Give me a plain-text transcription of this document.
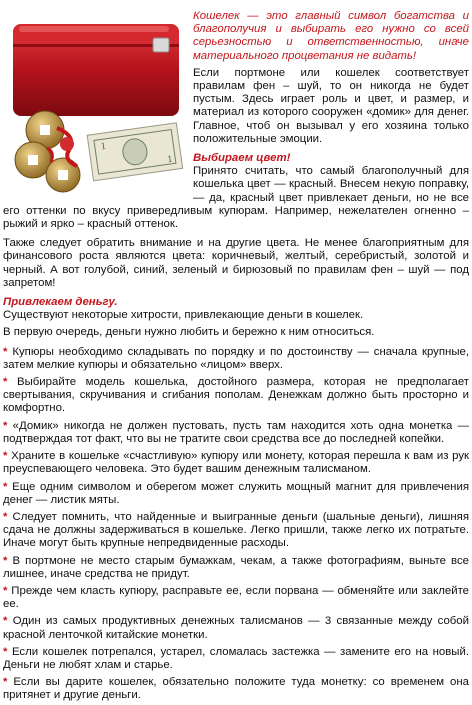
1
1
Кошелек — это главный символ богатства и благополучия и выбирать его нужно со всей серьезностью и ответственностью, иначе материального процветания не видать!

Если портмоне или кошелек соответствует правилам фен – шуй, то он никогда не будет пустым. Здесь играет роль и цвет, и размер, и материал из которого сооружен «домик» для денег. Главное, чтоб он вызывал у его хозяина только положительные эмоции.

Выбираем цвет!

Принято считать, что самый благополучный для кошелька цвет — красный. Внесем некую поправку, — да, красный цвет привлекает деньги, но не все его оттенки по вкусу привередливым купюрам. Например, нежелателен огненно – рыжий и ярко – красный оттенок.

Также следует обратить внимание и на другие цвета. Не менее благоприятным для финансового роста являются цвета: коричневый, желтый, серебристый, золотой и черный. А вот голубой, синий, зеленый и бирюзовый по правилам фен – шуй — под запретом!

Привлекаем деньгу.

Существуют некоторые хитрости, привлекающие деньги в кошелек.

В первую очередь, деньги нужно любить и бережно к ним относиться.

* Купюры необходимо складывать по порядку и по достоинству — сначала крупные, затем мелкие купюры и обязательно «лицом» вверх.
* Выбирайте модель кошелька, достойного размера, которая не предполагает свертывания, скручивания и сгибания пополам. Денежкам должно быть просторно и комфортно.
* «Домик» никогда не должен пустовать, пусть там находится хоть одна монетка — подтверждая тот факт, что вы не тратите свои средства все до последней копейки.
* Храните в кошельке «счастливую» купюру или монету, которая перешла к вам из рук преуспевающего человека. Это будет вашим денежным талисманом.
* Еще одним символом и оберегом может служить мощный магнит для привлечения денег — листик мяты.
* Следует помнить, что найденные и выигранные деньги (шальные деньги), лишняя сдача не должны задерживаться в кошельке. Легко пришли, также легко их потратьте. Иначе могут быть крупные непредвиденные расходы.
* В портмоне не место старым бумажкам, чекам, а также фотографиям, выньте все лишнее, иначе средства не придут.
* Прежде чем класть купюру, расправьте ее, если порвана — обменяйте или заклейте ее.
* Один из самых продуктивных денежных талисманов — 3 связанные между собой красной ленточкой китайские монетки.
* Если кошелек потрепался, устарел, сломалась застежка — замените его на новый. Деньги не любят хлам и старье.
* Если вы дарите кошелек, обязательно положите туда монетку: со временем она притянет и другие деньги.
